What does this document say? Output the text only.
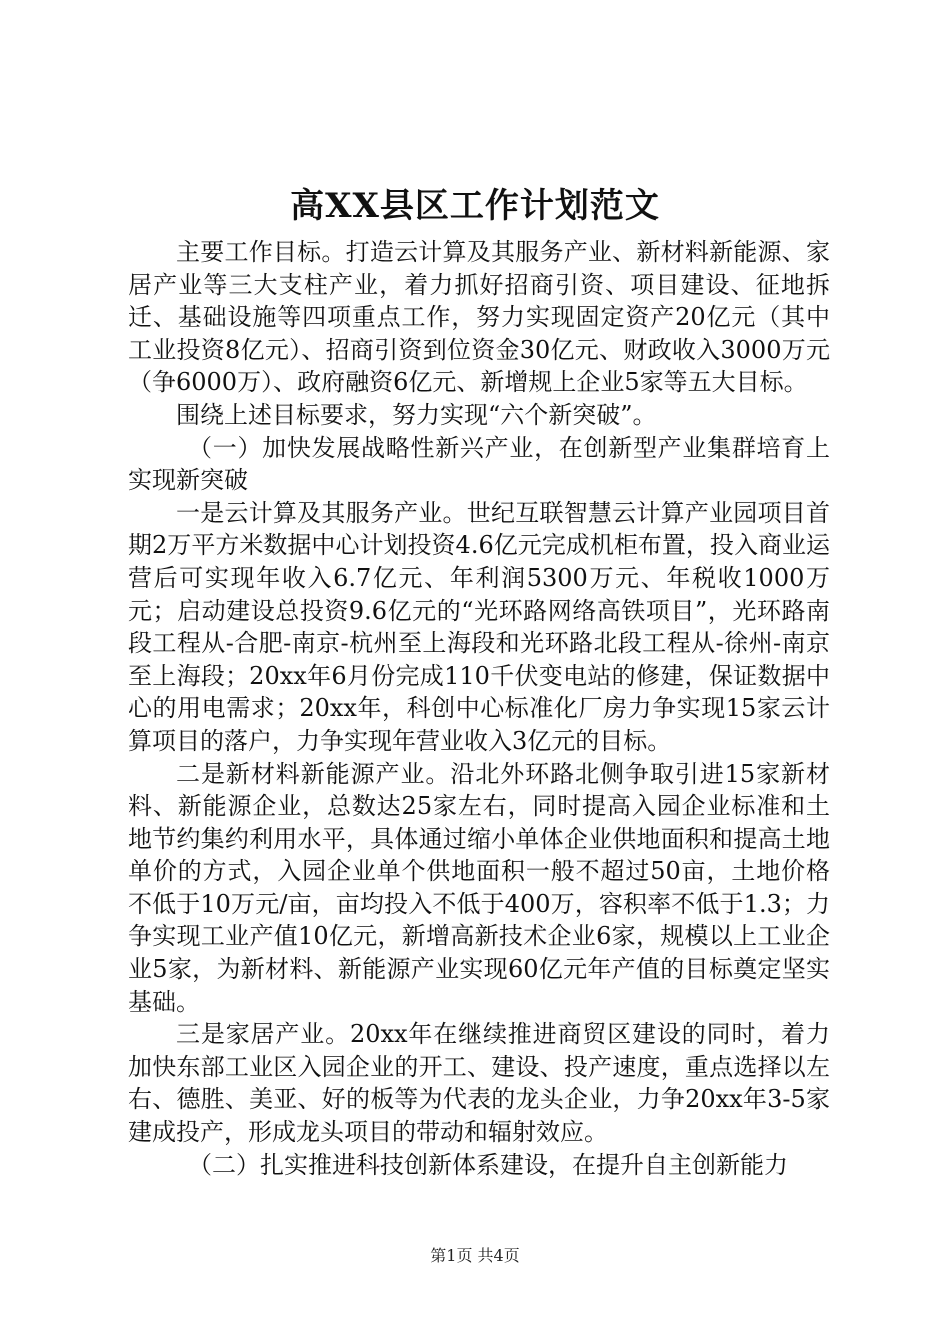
高XX县区工作计划范文

主要工作目标。打造云计算及其服务产业、新材料新能源、家居产业等三大支柱产业，着力抓好招商引资、项目建设、征地拆迁、基础设施等四项重点工作，努力实现固定资产20亿元（其中工业投资8亿元）、招商引资到位资金30亿元、财政收入3000万元（争6000万）、政府融资6亿元、新增规上企业5家等五大目标。

围绕上述目标要求，努力实现“六个新突破”。

（一）加快发展战略性新兴产业，在创新型产业集群培育上实现新突破

一是云计算及其服务产业。世纪互联智慧云计算产业园项目首期2万平方米数据中心计划投资4.6亿元完成机柜布置，投入商业运营后可实现年收入6.7亿元、年利润5300万元、年税收1000万元；启动建设总投资9.6亿元的“光环路网络高铁项目”，光环路南段工程从-合肥-南京-杭州至上海段和光环路北段工程从-徐州-南京至上海段；20xx年6月份完成110千伏变电站的修建，保证数据中心的用电需求；20xx年，科创中心标准化厂房力争实现15家云计算项目的落户，力争实现年营业收入3亿元的目标。

二是新材料新能源产业。沿北外环路北侧争取引进15家新材料、新能源企业，总数达25家左右，同时提高入园企业标准和土地节约集约利用水平，具体通过缩小单体企业供地面积和提高土地单价的方式，入园企业单个供地面积一般不超过50亩，土地价格不低于10万元/亩，亩均投入不低于400万，容积率不低于1.3；力争实现工业产值10亿元，新增高新技术企业6家，规模以上工业企业5家，为新材料、新能源产业实现60亿元年产值的目标奠定坚实基础。

三是家居产业。20xx年在继续推进商贸区建设的同时，着力加快东部工业区入园企业的开工、建设、投产速度，重点选择以左右、德胜、美亚、好的板等为代表的龙头企业，力争20xx年3-5家建成投产，形成龙头项目的带动和辐射效应。

（二）扎实推进科技创新体系建设，在提升自主创新能力

第1页 共4页
